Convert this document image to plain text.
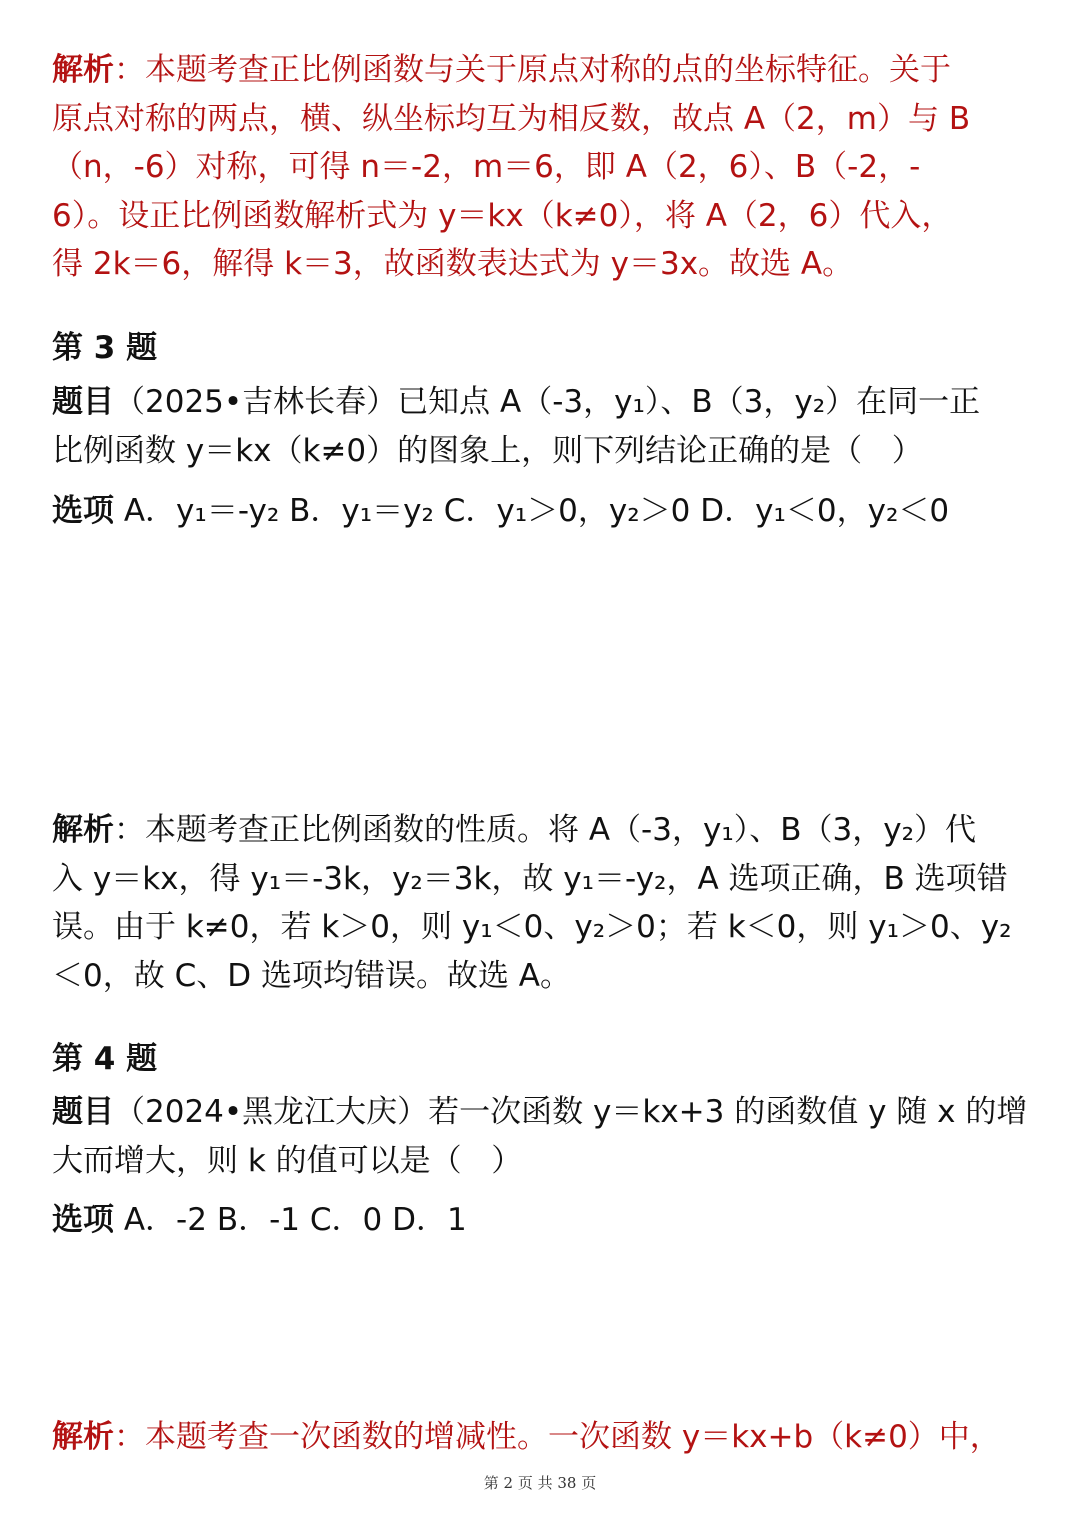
解析：本题考查正比例函数与关于原点对称的点的坐标特征。关于
原点对称的两点，横、纵坐标均互为相反数，故点 A（2，m）与 B
（n，-6）对称，可得 n＝-2，m＝6，即 A（2，6）、B（-2，-
6）。设正比例函数解析式为 y＝kx（k≠0），将 A（2，6）代入，
得 2k＝6，解得 k＝3，故函数表达式为 y＝3x。故选 A。

第 3 题

题目（2025•吉林长春）已知点 A（-3，y₁）、B（3，y₂）在同一正
比例函数 y＝kx（k≠0）的图象上，则下列结论正确的是（   ）

选项 A．y₁＝-y₂ B．y₁＝y₂ C．y₁＞0，y₂＞0 D．y₁＜0，y₂＜0

解析：本题考查正比例函数的性质。将 A（-3，y₁）、B（3，y₂）代
入 y＝kx，得 y₁＝-3k，y₂＝3k，故 y₁＝-y₂，A 选项正确，B 选项错
误。由于 k≠0，若 k＞0，则 y₁＜0、y₂＞0；若 k＜0，则 y₁＞0、y₂
＜0，故 C、D 选项均错误。故选 A。

第 4 题

题目（2024•黑龙江大庆）若一次函数 y＝kx+3 的函数值 y 随 x 的增
大而增大，则 k 的值可以是（   ）

选项 A．-2 B．-1 C．0 D．1

解析：本题考查一次函数的增减性。一次函数 y＝kx+b（k≠0）中，

第 2 页 共 38 页
